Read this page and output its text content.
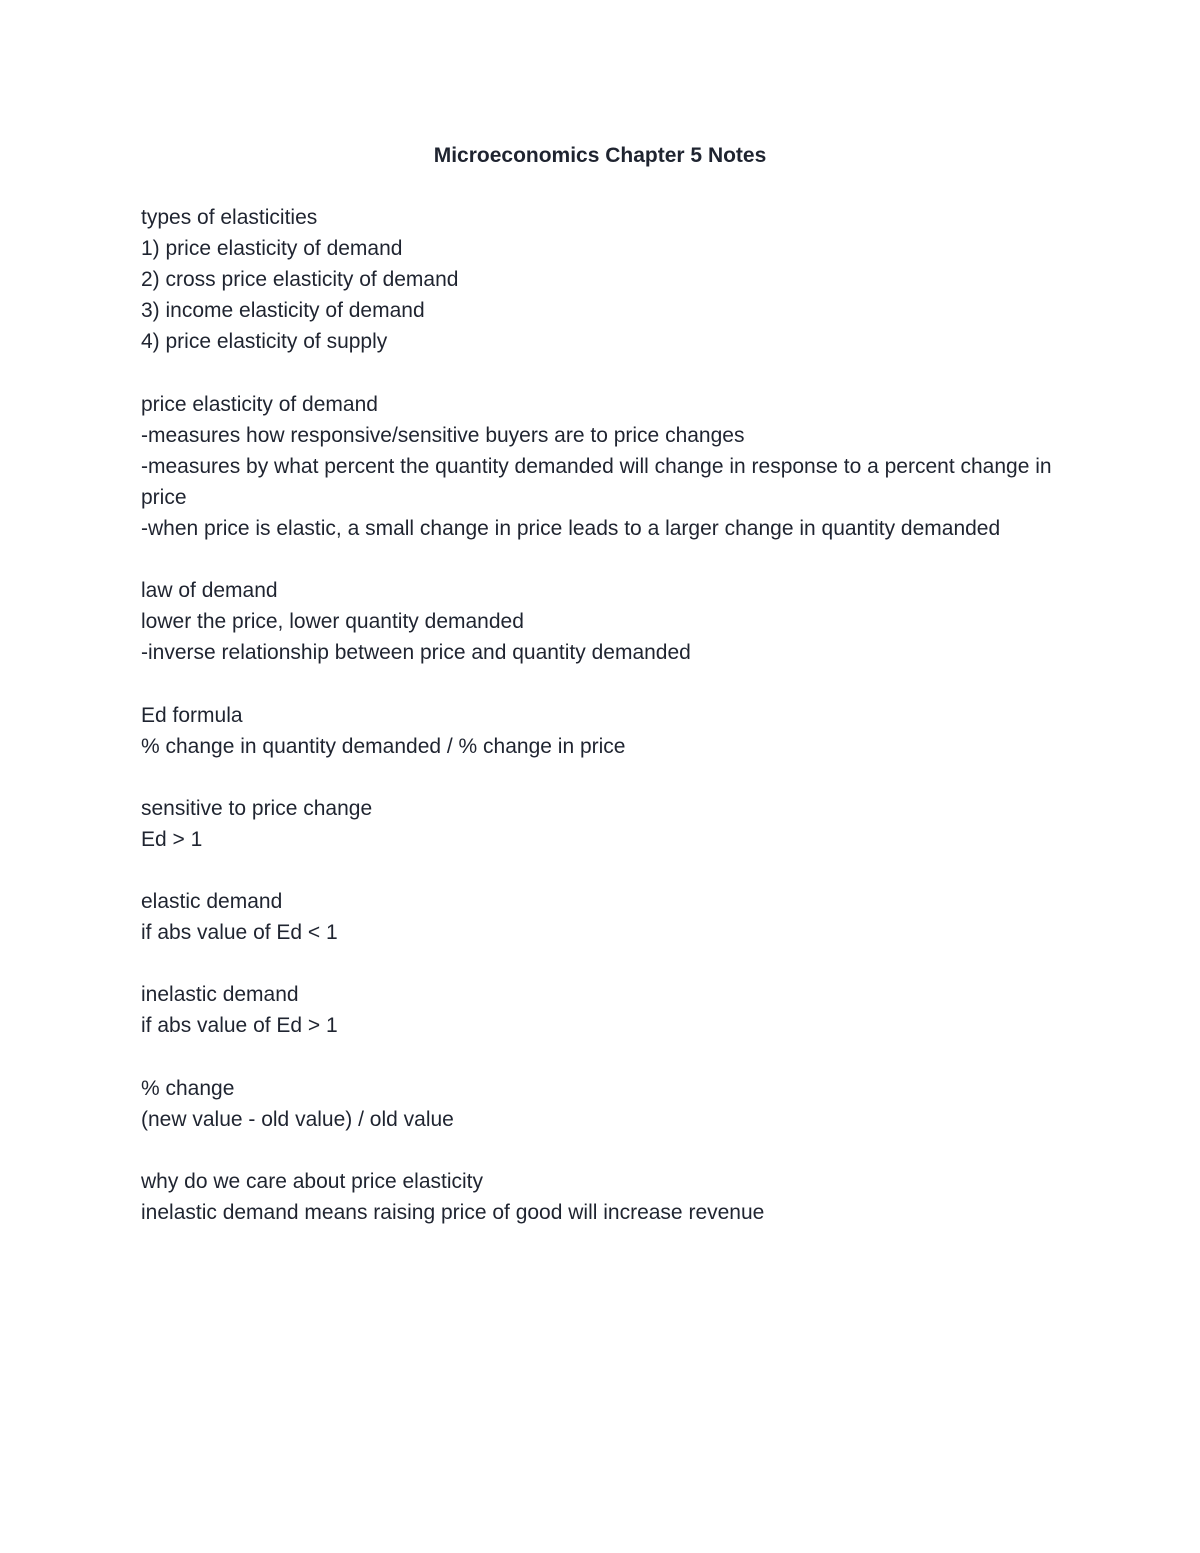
Microeconomics Chapter 5 Notes
types of elasticities
1) price elasticity of demand
2) cross price elasticity of demand
3) income elasticity of demand
4) price elasticity of supply
price elasticity of demand
-measures how responsive/sensitive buyers are to price changes
-measures by what percent the quantity demanded will change in response to a percent change in price
-when price is elastic, a small change in price leads to a larger change in quantity demanded
law of demand
lower the price, lower quantity demanded
-inverse relationship between price and quantity demanded
Ed formula
% change in quantity demanded / % change in price
sensitive to price change
Ed > 1
elastic demand
if abs value of Ed < 1
inelastic demand
if abs value of Ed > 1
% change
(new value - old value) / old value
why do we care about price elasticity
inelastic demand means raising price of good will increase revenue
